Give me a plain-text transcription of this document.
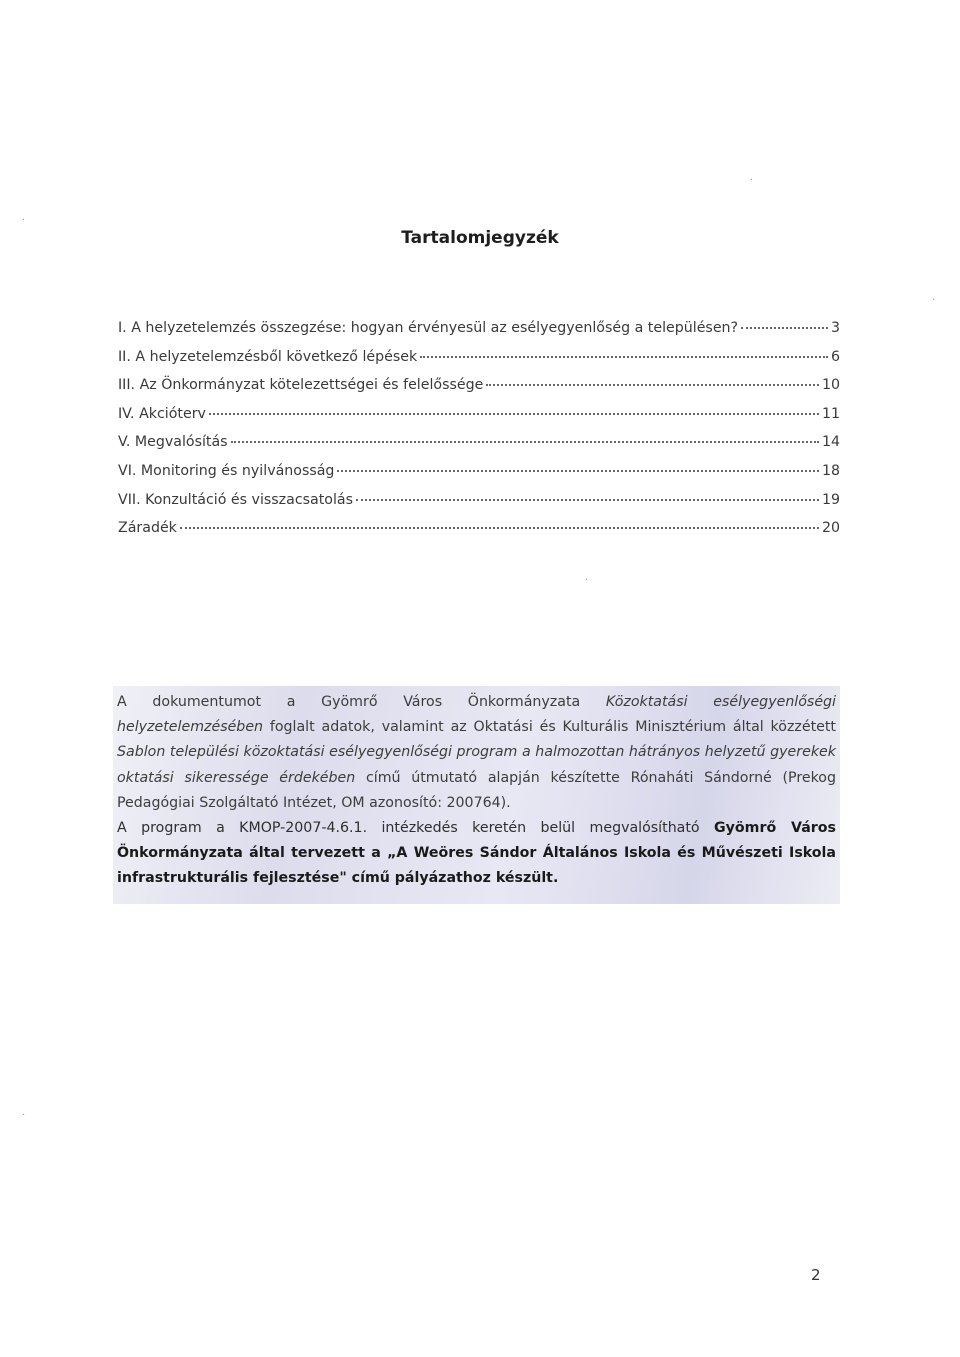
Tartalomjegyzék
I. A helyzetelemzés összegzése: hogyan érvényesül az esélyegyenlőség a településen?	3
II. A helyzetelemzésből következő lépések	6
III. Az Önkormányzat kötelezettségei és felelőssége	10
IV. Akcióterv	11
V. Megvalósítás	14
VI. Monitoring és nyilvánosság	18
VII. Konzultáció és visszacsatolás	19
Záradék	20

A dokumentumot a Gyömrő Város Önkormányzata Közoktatási esélyegyenlőségi helyzetelemzésében foglalt adatok, valamint az Oktatási és Kulturális Minisztérium által közzétett Sablon települési közoktatási esélyegyenlőségi program a halmozottan hátrányos helyzetű gyerekek oktatási sikeressége érdekében című útmutató alapján készítette Rónaháti Sándorné (Prekog Pedagógiai Szolgáltató Intézet, OM azonosító: 200764).

A program a KMOP-2007-4.6.1. intézkedés keretén belül megvalósítható Gyömrő Város Önkormányzata által tervezett a „A Weöres Sándor Általános Iskola és Művészeti Iskola infrastrukturális fejlesztése" című pályázathoz készült.

2
·
·
·
·
·
